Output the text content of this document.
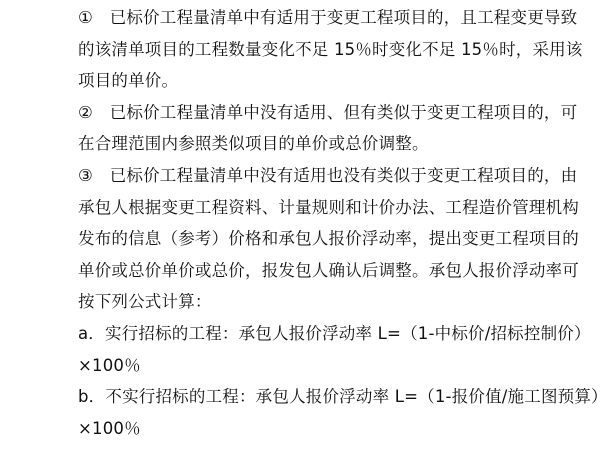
①　已标价工程量清单中有适用于变更工程项目的，且工程变更导致
的该清单项目的工程数量变化不足 15％时变化不足 15％时，采用该
项目的单价。
②　已标价工程量清单中没有适用、但有类似于变更工程项目的，可
在合理范围内参照类似项目的单价或总价调整。
③　已标价工程量清单中没有适用也没有类似于变更工程项目的，由
承包人根据变更工程资料、计量规则和计价办法、工程造价管理机构
发布的信息（参考）价格和承包人报价浮动率，提出变更工程项目的
单价或总价单价或总价，报发包人确认后调整。承包人报价浮动率可
按下列公式计算：
a．实行招标的工程：承包人报价浮动率 L=（1-中标价/招标控制价）
×100％
b．不实行招标的工程：承包人报价浮动率 L=（1-报价值/施工图预算）
×100％
